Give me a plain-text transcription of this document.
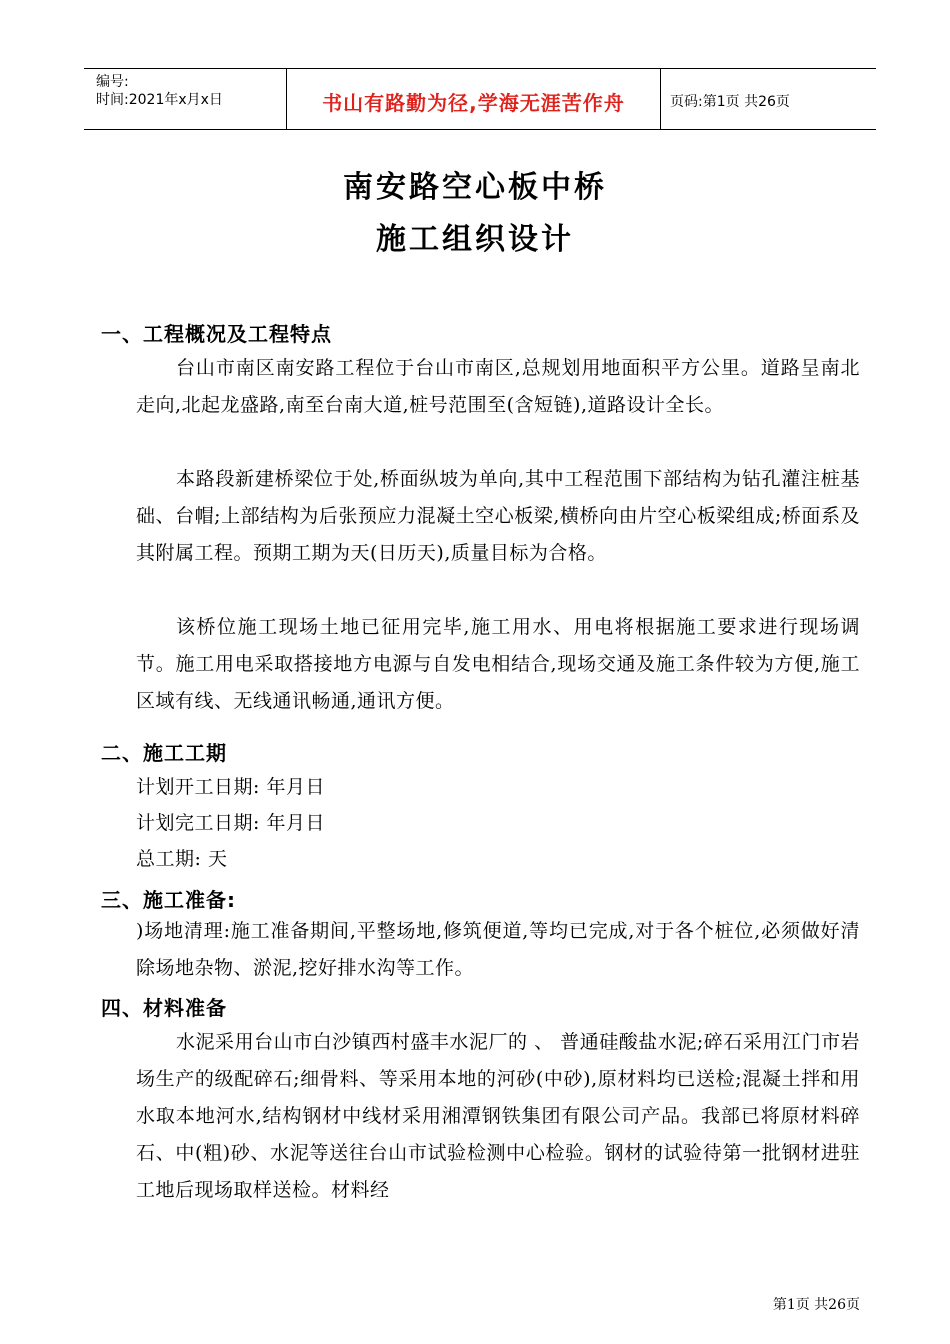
编号:
时间:2021年x月x日	书山有路勤为径,学海无涯苦作舟	页码:第1页 共26页
南安路空心板中桥
施工组织设计
一、工程概况及工程特点
台山市南区南安路工程位于台山市南区,总规划用地面积平方公里。道路呈南北走向,北起龙盛路,南至台南大道,桩号范围至(含短链),道路设计全长。
本路段新建桥梁位于处,桥面纵坡为单向,其中工程范围下部结构为钻孔灌注桩基础、台帽;上部结构为后张预应力混凝土空心板梁,横桥向由片空心板梁组成;桥面系及其附属工程。预期工期为天(日历天),质量目标为合格。
该桥位施工现场土地已征用完毕,施工用水、用电将根据施工要求进行现场调节。施工用电采取搭接地方电源与自发电相结合,现场交通及施工条件较为方便,施工区域有线、无线通讯畅通,通讯方便。
二、施工工期
计划开工日期: 年月日
计划完工日期: 年月日
总工期: 天
三、施工准备:
)场地清理:施工准备期间,平整场地,修筑便道,等均已完成,对于各个桩位,必须做好清除场地杂物、淤泥,挖好排水沟等工作。
四、材料准备
水泥采用台山市白沙镇西村盛丰水泥厂的 、 普通硅酸盐水泥;碎石采用江门市岩场生产的级配碎石;细骨料、等采用本地的河砂(中砂),原材料均已送检;混凝土拌和用水取本地河水,结构钢材中线材采用湘潭钢铁集团有限公司产品。我部已将原材料碎石、中(粗)砂、水泥等送往台山市试验检测中心检验。钢材的试验待第一批钢材进驻工地后现场取样送检。材料经
第1页 共26页
